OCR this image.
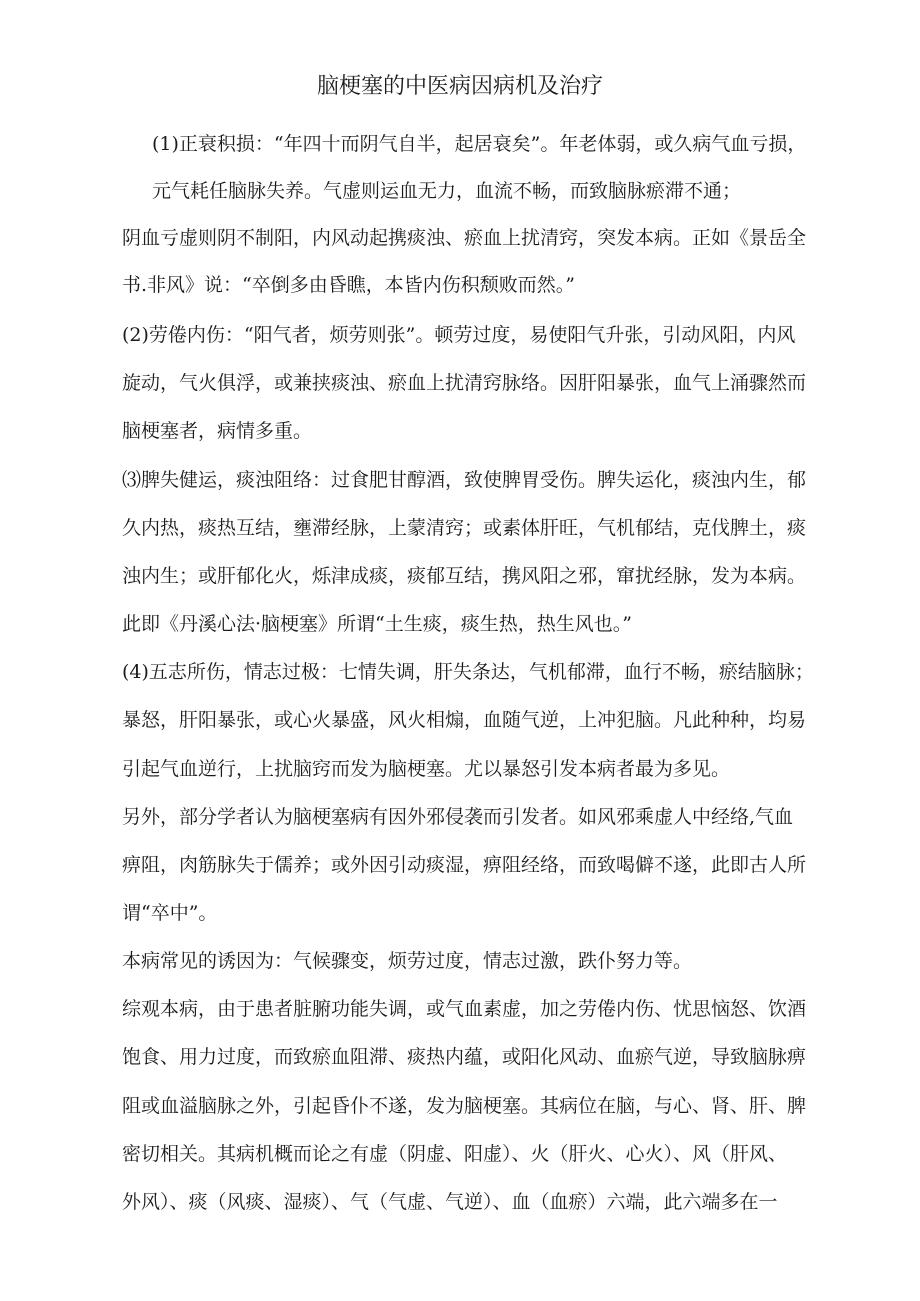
脑梗塞的中医病因病机及治疗
(1)正衰积损：“年四十而阴气自半，起居衰矣”。年老体弱，或久病气血亏损，
元气耗任脑脉失养。气虚则运血无力，血流不畅，而致脑脉瘀滞不通；
阴血亏虚则阴不制阳，内风动起携痰浊、瘀血上扰清窍，突发本病。正如《景岳全
书.非风》说：“卒倒多由昏瞧，本皆内伤积颓败而然。”
(2)劳倦内伤：“阳气者，烦劳则张”。顿劳过度，易使阳气升张，引动风阳，内风
旋动，气火俱浮，或兼挟痰浊、瘀血上扰清窍脉络。因肝阳暴张，血气上涌骤然而
脑梗塞者，病情多重。
⑶脾失健运，痰浊阻络：过食肥甘醇酒，致使脾胃受伤。脾失运化，痰浊内生，郁
久内热，痰热互结，壅滞经脉，上蒙清窍；或素体肝旺，气机郁结，克伐脾土，痰
浊内生；或肝郁化火，烁津成痰，痰郁互结，携风阳之邪，窜扰经脉，发为本病。
此即《丹溪心法·脑梗塞》所谓“土生痰，痰生热，热生风也。”
(4)五志所伤，情志过极：七情失调，肝失条达，气机郁滞，血行不畅，瘀结脑脉；
暴怒，肝阳暴张，或心火暴盛，风火相煽，血随气逆，上冲犯脑。凡此种种，均易
引起气血逆行，上扰脑窍而发为脑梗塞。尤以暴怒引发本病者最为多见。
另外，部分学者认为脑梗塞病有因外邪侵袭而引发者。如风邪乘虚人中经络,气血
痹阻，肉筋脉失于儒养；或外因引动痰湿，痹阻经络，而致喝僻不遂，此即古人所
谓“卒中”。
本病常见的诱因为：气候骤变，烦劳过度，情志过激，跌仆努力等。
综观本病，由于患者脏腑功能失调，或气血素虚，加之劳倦内伤、忧思恼怒、饮酒
饱食、用力过度，而致瘀血阻滞、痰热内蕴，或阳化风动、血瘀气逆，导致脑脉痹
阻或血溢脑脉之外，引起昏仆不遂，发为脑梗塞。其病位在脑，与心、肾、肝、脾
密切相关。其病机概而论之有虚（阴虚、阳虚）、火（肝火、心火）、风（肝风、
外风）、痰（风痰、湿痰）、气（气虚、气逆）、血（血瘀）六端，此六端多在一
